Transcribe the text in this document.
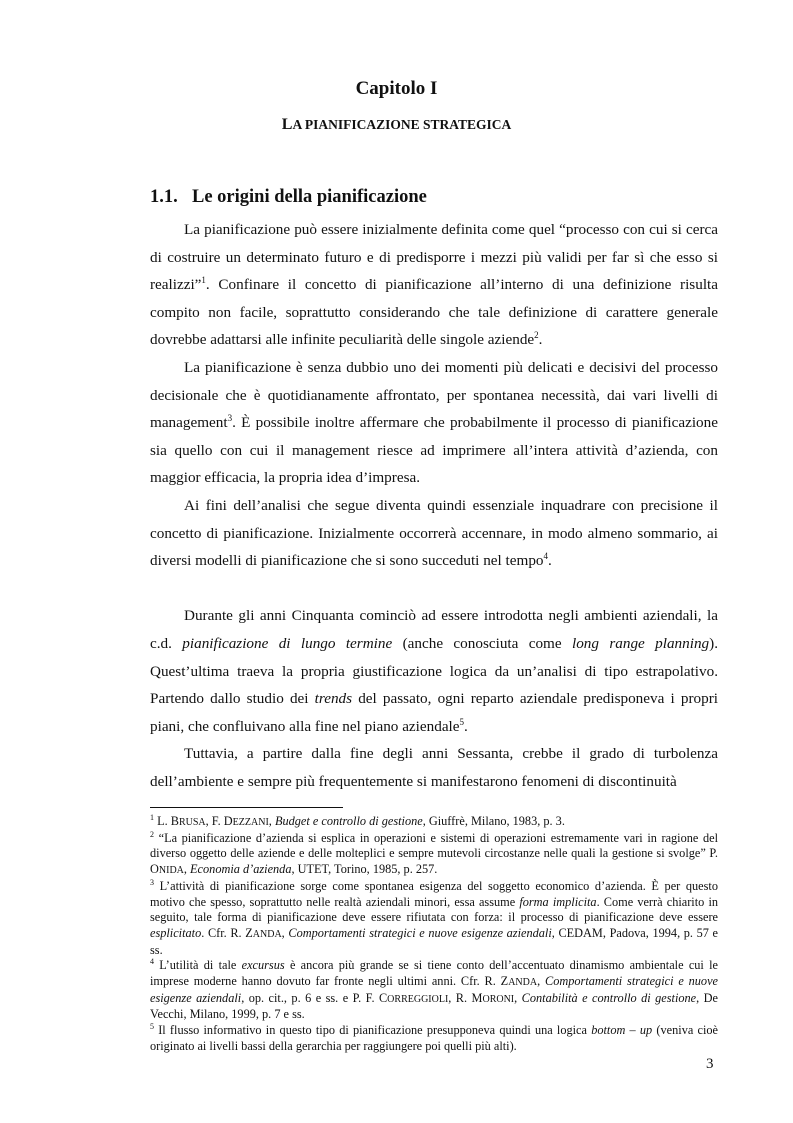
Capitolo I
LA PIANIFICAZIONE STRATEGICA
1.1. Le origini della pianificazione

La pianificazione può essere inizialmente definita come quel “processo con cui si cerca di costruire un determinato futuro e di predisporre i mezzi più validi per far sì che esso si realizzi”$^1$. Confinare il concetto di pianificazione all’interno di una definizione risulta compito non facile, soprattutto considerando che tale definizione di carattere generale dovrebbe adattarsi alle infinite peculiarità delle singole aziende$^2$.

La pianificazione è senza dubbio uno dei momenti più delicati e decisivi del processo decisionale che è quotidianamente affrontato, per spontanea necessità, dai vari livelli di management$^3$. È possibile inoltre affermare che probabilmente il processo di pianificazione sia quello con cui il management riesce ad imprimere all’intera attività d’azienda, con maggior efficacia, la propria idea d’impresa.

Ai fini dell’analisi che segue diventa quindi essenziale inquadrare con precisione il concetto di pianificazione. Inizialmente occorrerà accennare, in modo almeno sommario, ai diversi modelli di pianificazione che si sono succeduti nel tempo$^4$.

Durante gli anni Cinquanta cominciò ad essere introdotta negli ambienti aziendali, la c.d. pianificazione di lungo termine (anche conosciuta come long range planning). Quest’ultima traeva la propria giustificazione logica da un’analisi di tipo estrapolativo. Partendo dallo studio dei trends del passato, ogni reparto aziendale predisponeva i propri piani, che confluivano alla fine nel piano aziendale$^5$.

Tuttavia, a partire dalla fine degli anni Sessanta, crebbe il grado di turbolenza dell’ambiente e sempre più frequentemente si manifestarono fenomeni di discontinuità

$^1$ L. BRUSA, F. DEZZANI, Budget e controllo di gestione, Giuffrè, Milano, 1983, p. 3.

$^2$ “La pianificazione d’azienda si esplica in operazioni e sistemi di operazioni estremamente vari in ragione del diverso oggetto delle aziende e delle molteplici e sempre mutevoli circostanze nelle quali la gestione si svolge” P. ONIDA, Economia d’azienda, UTET, Torino, 1985, p. 257.

$^3$ L’attività di pianificazione sorge come spontanea esigenza del soggetto economico d’azienda. È per questo motivo che spesso, soprattutto nelle realtà aziendali minori, essa assume forma implicita. Come verrà chiarito in seguito, tale forma di pianificazione deve essere rifiutata con forza: il processo di pianificazione deve essere esplicitato. Cfr. R. ZANDA, Comportamenti strategici e nuove esigenze aziendali, CEDAM, Padova, 1994, p. 57 e ss.

$^4$ L’utilità di tale excursus è ancora più grande se si tiene conto dell’accentuato dinamismo ambientale cui le imprese moderne hanno dovuto far fronte negli ultimi anni. Cfr. R. ZANDA, Comportamenti strategici e nuove esigenze aziendali, op. cit., p. 6 e ss. e P. F. CORREGGIOLI, R. MORONI, Contabilità e controllo di gestione, De Vecchi, Milano, 1999, p. 7 e ss.

$^5$ Il flusso informativo in questo tipo di pianificazione presupponeva quindi una logica bottom – up (veniva cioè originato ai livelli bassi della gerarchia per raggiungere poi quelli più alti).

3
